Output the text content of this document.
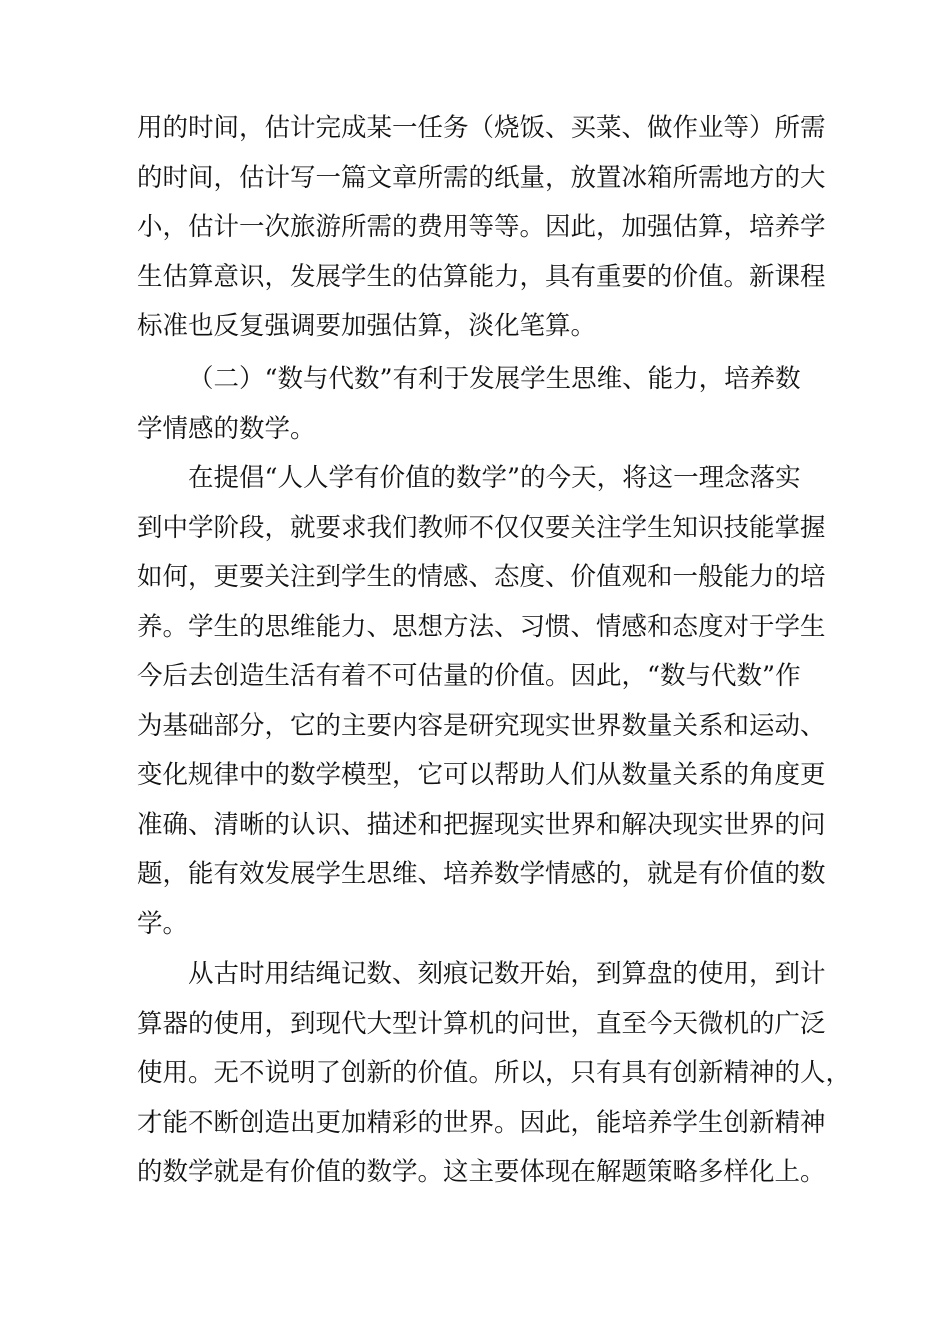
用的时间，估计完成某一任务（烧饭、买菜、做作业等）所需
的时间，估计写一篇文章所需的纸量，放置冰箱所需地方的大
小，估计一次旅游所需的费用等等。因此，加强估算，培养学
生估算意识，发展学生的估算能力，具有重要的价值。新课程
标准也反复强调要加强估算，淡化笔算。
（二）“数与代数”有利于发展学生思维、能力，培养数
学情感的数学。
在提倡“人人学有价值的数学”的今天，将这一理念落实
到中学阶段，就要求我们教师不仅仅要关注学生知识技能掌握
如何，更要关注到学生的情感、态度、价值观和一般能力的培
养。学生的思维能力、思想方法、习惯、情感和态度对于学生
今后去创造生活有着不可估量的价值。因此，“数与代数”作
为基础部分，它的主要内容是研究现实世界数量关系和运动、
变化规律中的数学模型，它可以帮助人们从数量关系的角度更
准确、清晰的认识、描述和把握现实世界和解决现实世界的问
题，能有效发展学生思维、培养数学情感的，就是有价值的数
学。
从古时用结绳记数、刻痕记数开始，到算盘的使用，到计
算器的使用，到现代大型计算机的问世，直至今天微机的广泛
使用。无不说明了创新的价值。所以，只有具有创新精神的人，
才能不断创造出更加精彩的世界。因此，能培养学生创新精神
的数学就是有价值的数学。这主要体现在解题策略多样化上。
